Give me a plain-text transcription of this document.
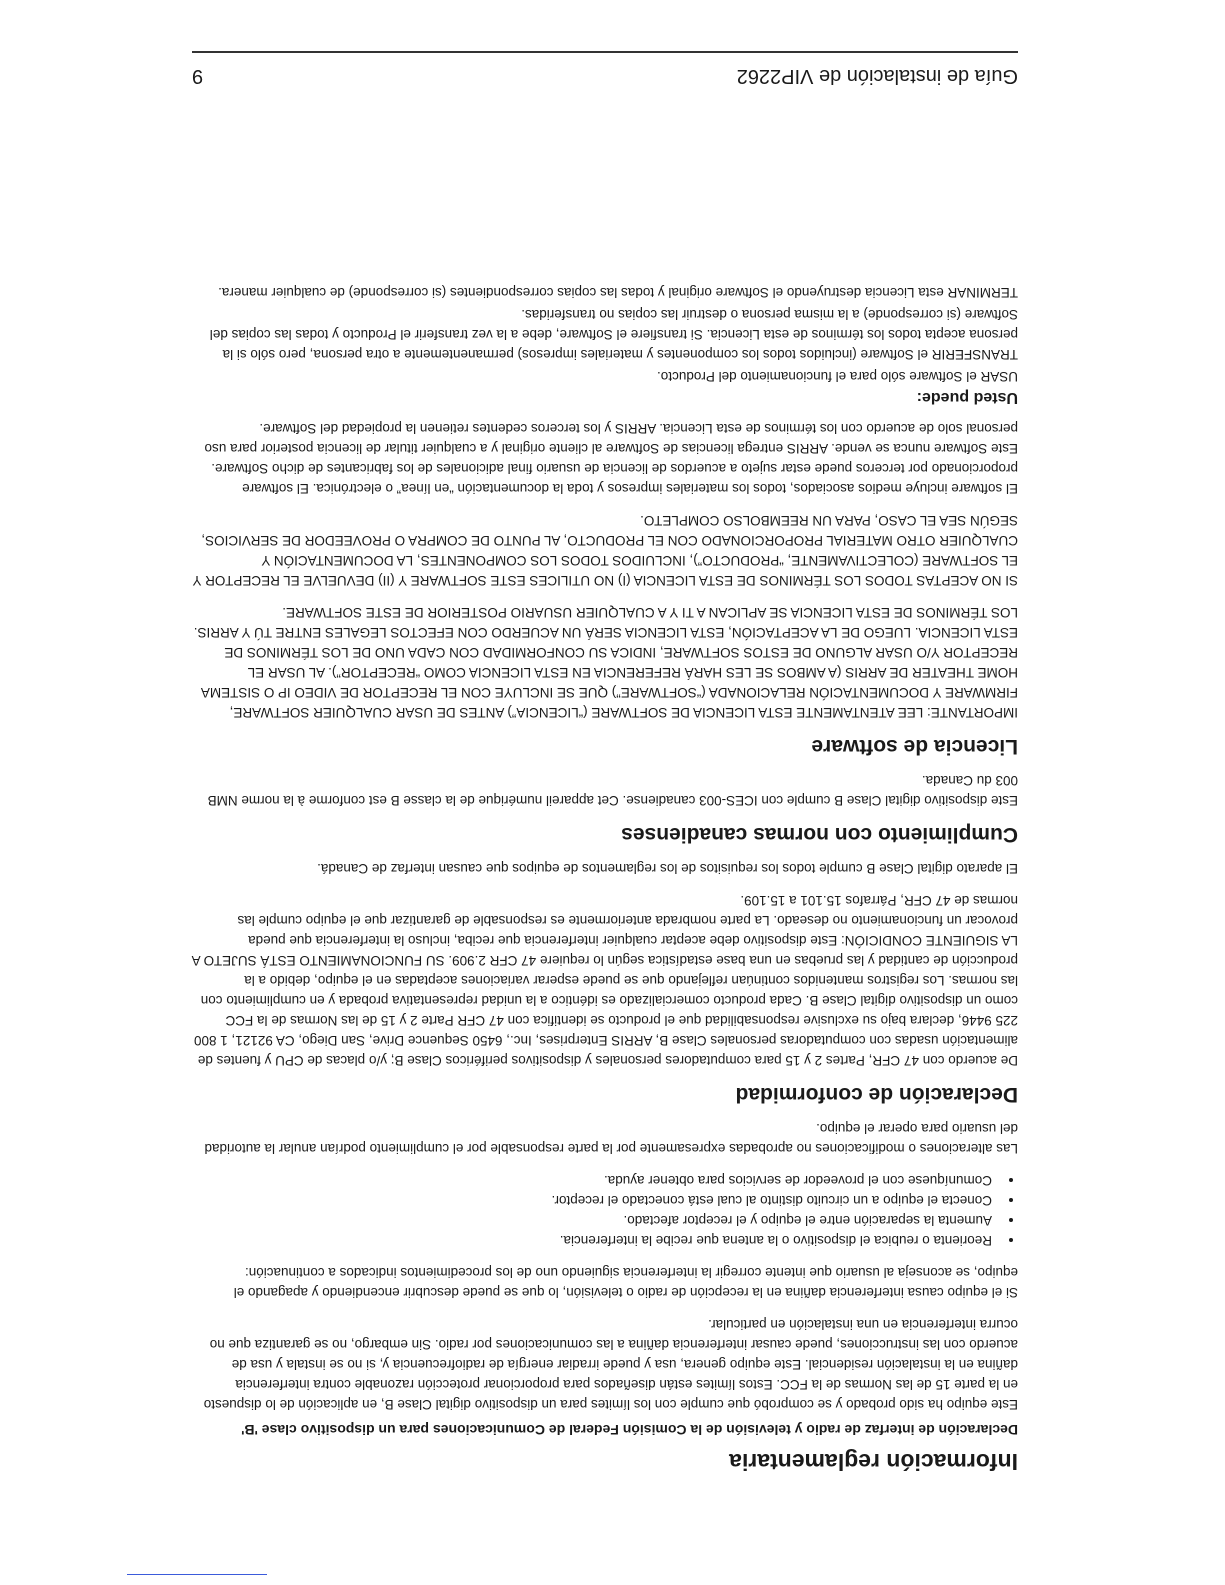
Guía de instalación de VIP2262
9
Información reglamentaria
Declaración de interfaz de radio y televisión de la Comisión Federal de Comunicaciones para un dispositivo clase 'B'

Este equipo ha sido probado y se comprobó que cumple con los límites para un dispositivo digital Clase B, en aplicación de lo dispuesto en la parte 15 de las Normas de la FCC. Estos límites están diseñados para proporcionar protección razonable contra interferencia dañina en la instalación residencial. Este equipo genera, usa y puede irradiar energía de radiofrecuencia y, si no se instala y usa de acuerdo con las instrucciones, puede causar interferencia dañina a las comunicaciones por radio. Sin embargo, no se garantiza que no ocurra interferencia en una instalación en particular.

Si el equipo causa interferencia dañina en la recepción de radio o televisión, lo que se puede descubrir encendiendo y apagando el equipo, se aconseja al usuario que intente corregir la interferencia siguiendo uno de los procedimientos indicados a continuación:

• Reorienta o reubica el dispositivo o la antena que recibe la interferencia.
• Aumenta la separación entre el equipo y el receptor afectado.
• Conecta el equipo a un circuito distinto al cual está conectado el receptor.
• Comuníquese con el proveedor de servicios para obtener ayuda.

Las alteraciones o modificaciones no aprobadas expresamente por la parte responsable por el cumplimiento podrían anular la autoridad del usuario para operar el equipo.

Declaración de conformidad

De acuerdo con 47 CFR, Partes 2 y 15 para computadores personales y dispositivos periféricos Clase B; y/o placas de CPU y fuentes de alimentación usadas con computadoras personales Clase B, ARRIS Enterprises, Inc., 6450 Sequence Drive, San Diego, CA 92121, 1 800 225 9446, declara bajo su exclusive responsabilidad que el producto se identifica con 47 CFR Parte 2 y 15 de las Normas de la FCC como un dispositivo digital Clase B. Cada producto comercializado es idéntico a la unidad representativa probada y en cumplimiento con las normas. Los registros mantenidos continúan reflejando que se puede esperar variaciones aceptadas en el equipo, debido a la producción de cantidad y las pruebas en una base estadística según lo requiere 47 CFR 2.909. SU FUNCIONAMIENTO ESTÁ SUJETO A LA SIGUIENTE CONDICIÓN: Este dispositivo debe aceptar cualquier interferencia que reciba, incluso la interferencia que pueda provocar un funcionamiento no deseado. La parte nombrada anteriormente es responsable de garantizar que el equipo cumple las normas de 47 CFR, Párrafos 15.101 a 15.109.

El aparato digital Clase B cumple todos los requisitos de los reglamentos de equipos que causan interfaz de Canadá.

Cumplimiento con normas canadienses

Este dispositivo digital Clase B cumple con ICES-003 canadiense. Cet appareil numérique de la classe B est conforme à la norme NMB 003 du Canada.

Licencia de software

IMPORTANTE: LEE ATENTAMENTE ESTA LICENCIA DE SOFTWARE (“LICENCIA”) ANTES DE USAR CUALQUIER SOFTWARE, FIRMWARE Y DOCUMENTACIÓN RELACIONADA (“SOFTWARE”) QUE SE INCLUYE CON EL RECEPTOR DE VIDEO IP O SISTEMA HOME THEATER DE ARRIS (A AMBOS SE LES HARÁ REFERENCIA EN ESTA LICENCIA COMO “RECEPTOR”). AL USAR EL RECEPTOR Y/O USAR ALGUNO DE ESTOS SOFTWARE, INDICA SU CONFORMIDAD CON CADA UNO DE LOS TÉRMINOS DE ESTA LICENCIA. LUEGO DE LA ACEPTACIÓN, ESTA LICENCIA SERÁ UN ACUERDO CON EFECTOS LEGALES ENTRE TÚ Y ARRIS. LOS TÉRMINOS DE ESTA LICENCIA SE APLICAN A TI Y A CUALQUIER USUARIO POSTERIOR DE ESTE SOFTWARE.

SI NO ACEPTAS TODOS LOS TÉRMINOS DE ESTA LICENCIA (I) NO UTILICES ESTE SOFTWARE Y (II) DEVUELVE EL RECEPTOR Y EL SOFTWARE (COLECTIVAMENTE, “PRODUCTO”), INCLUIDOS TODOS LOS COMPONENTES, LA DOCUMENTACIÓN Y CUALQUIER OTRO MATERIAL PROPORCIONADO CON EL PRODUCTO, AL PUNTO DE COMPRA O PROVEEDOR DE SERVICIOS, SEGÚN SEA EL CASO, PARA UN REEMBOLSO COMPLETO.

El software incluye medios asociados, todos los materiales impresos y toda la documentación “en línea” o electrónica. El software proporcionado por terceros puede estar sujeto a acuerdos de licencia de usuario final adicionales de los fabricantes de dicho Software. Este Software nunca se vende. ARRIS entrega licencias de Software al cliente original y a cualquier titular de licencia posterior para uso personal solo de acuerdo con los términos de esta Licencia. ARRIS y los terceros cedentes retienen la propiedad del Software.

Usted puede:

USAR el Software sólo para el funcionamiento del Producto.

TRANSFERIR el Software (incluidos todos los componentes y materiales impresos) permanentemente a otra persona, pero sólo si la persona acepta todos los términos de esta Licencia. Si transfiere el Software, debe a la vez transferir el Producto y todas las copias del Software (si corresponde) a la misma persona o destruir las copias no transferidas.

TERMINAR esta Licencia destruyendo el Software original y todas las copias correspondientes (si corresponde) de cualquier manera.
